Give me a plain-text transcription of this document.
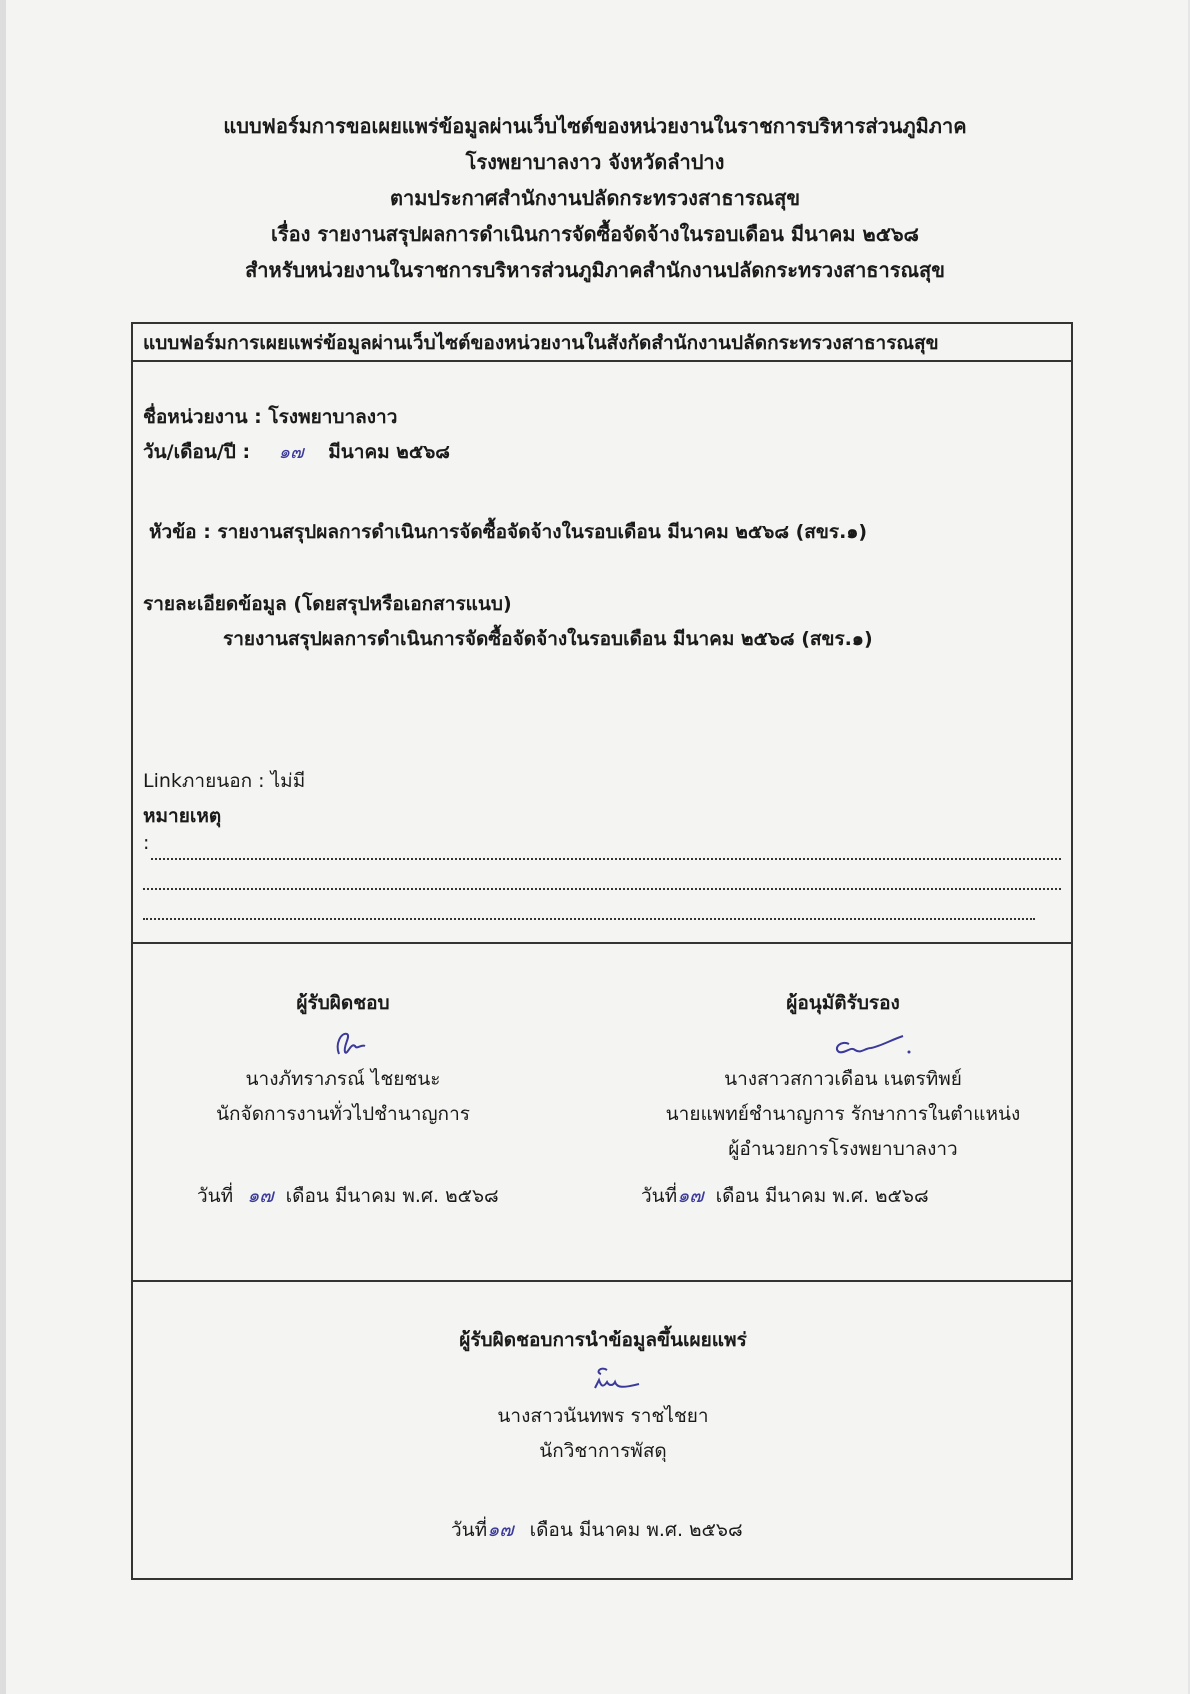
แบบฟอร์มการขอเผยแพร่ข้อมูลผ่านเว็บไซต์ของหน่วยงานในราชการบริหารส่วนภูมิภาค
โรงพยาบาลงาว จังหวัดลำปาง
ตามประกาศสำนักงานปลัดกระทรวงสาธารณสุข
เรื่อง รายงานสรุปผลการดำเนินการจัดซื้อจัดจ้างในรอบเดือน มีนาคม ๒๕๖๘
สำหรับหน่วยงานในราชการบริหารส่วนภูมิภาคสำนักงานปลัดกระทรวงสาธารณสุข
แบบฟอร์มการเผยแพร่ข้อมูลผ่านเว็บไซต์ของหน่วยงานในสังกัดสำนักงานปลัดกระทรวงสาธารณสุข
ชื่อหน่วยงาน : โรงพยาบาลงาว
วัน/เดือน/ปี : ๑๗ มีนาคม ๒๕๖๘
หัวข้อ : รายงานสรุปผลการดำเนินการจัดซื้อจัดจ้างในรอบเดือน มีนาคม ๒๕๖๘ (สขร.๑)
รายละเอียดข้อมูล (โดยสรุปหรือเอกสารแนบ)
รายงานสรุปผลการดำเนินการจัดซื้อจัดจ้างในรอบเดือน มีนาคม ๒๕๖๘ (สขร.๑)
Linkภายนอก : ไม่มี
หมายเหตุ
:
ผู้รับผิดชอบ
นางภัทราภรณ์ ไชยชนะ
นักจัดการงานทั่วไปชำนาญการ
วันที่ ๑๗ เดือน มีนาคม พ.ศ. ๒๕๖๘
ผู้อนุมัติรับรอง
นางสาวสกาวเดือน เนตรทิพย์
นายแพทย์ชำนาญการ รักษาการในตำแหน่ง
ผู้อำนวยการโรงพยาบาลงาว
วันที่๑๗ เดือน มีนาคม พ.ศ. ๒๕๖๘
ผู้รับผิดชอบการนำข้อมูลขึ้นเผยแพร่
นางสาวนันทพร ราชไชยา
นักวิชาการพัสดุ
วันที่๑๗ เดือน มีนาคม พ.ศ. ๒๕๖๘
